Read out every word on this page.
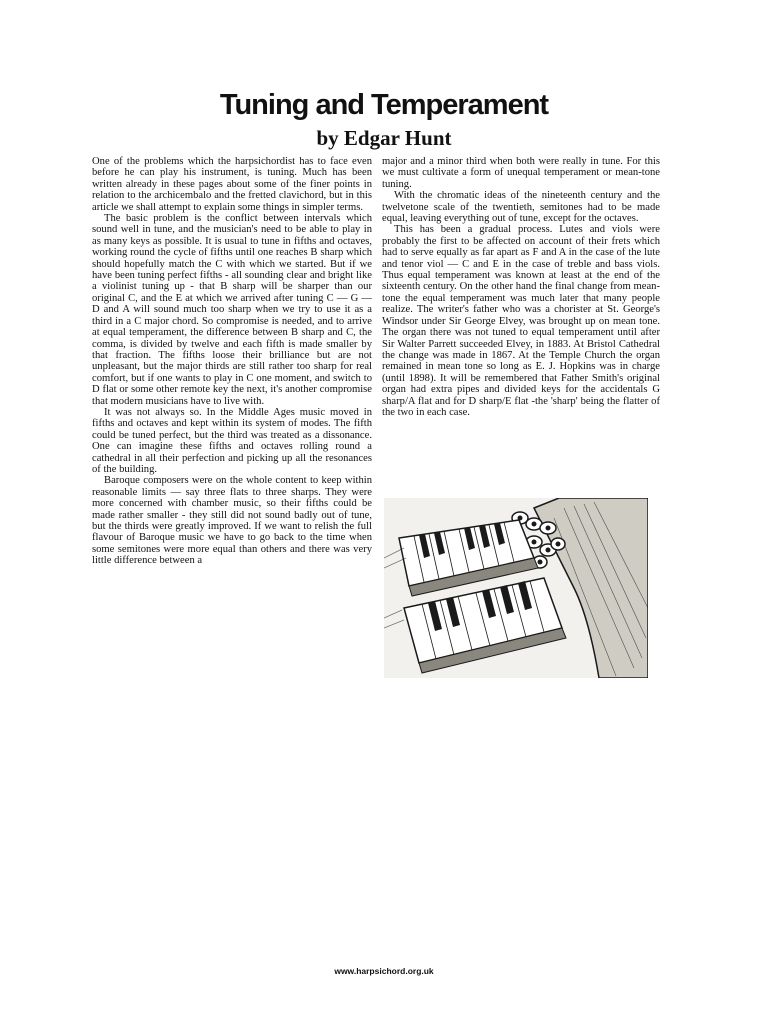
Tuning and Temperament
by Edgar Hunt

One of the problems which the harpsichordist has to face even before he can play his instrument, is tuning. Much has been written already in these pages about some of the finer points in relation to the archicembalo and the fretted clavichord, but in this article we shall attempt to explain some things in simpler terms.

The basic problem is the conflict between intervals which sound well in tune, and the musician's need to be able to play in as many keys as possible. It is usual to tune in fifths and octaves, working round the cycle of fifths until one reaches B sharp which should hopefully match the C with which we started. But if we have been tuning perfect fifths - all sounding clear and bright like a violinist tuning up - that B sharp will be sharper than our original C, and the E at which we arrived after tuning C — G — D and A will sound much too sharp when we try to use it as a third in a C major chord. So compromise is needed, and to arrive at equal temperament, the difference between B sharp and C, the comma, is divided by twelve and each fifth is made smaller by that fraction. The fifths loose their brilliance but are not unpleasant, but the major thirds are still rather too sharp for real comfort, but if one wants to play in C one moment, and switch to D flat or some other remote key the next, it's another compromise that modern musicians have to live with.

It was not always so. In the Middle Ages music moved in fifths and octaves and kept within its system of modes. The fifth could be tuned perfect, but the third was treated as a dissonance. One can imagine these fifths and octaves rolling round a cathedral in all their perfection and picking up all the resonances of the building.

Baroque composers were on the whole content to keep within reasonable limits — say three flats to three sharps. They were more concerned with chamber music, so their fifths could be made rather smaller - they still did not sound badly out of tune, but the thirds were greatly improved. If we want to relish the full flavour of Baroque music we have to go back to the time when some semitones were more equal than others and there was very little difference between a

major and a minor third when both were really in tune. For this we must cultivate a form of unequal temperament or mean-tone tuning.

With the chromatic ideas of the nineteenth century and the twelvetone scale of the twentieth, semitones had to be made equal, leaving everything out of tune, except for the octaves.

This has been a gradual process. Lutes and viols were probably the first to be affected on account of their frets which had to serve equally as far apart as F and A in the case of the lute and tenor viol — C and E in the case of treble and bass viols. Thus equal temperament was known at least at the end of the sixteenth century. On the other hand the final change from mean-tone the equal temperament was much later that many people realize. The writer's father who was a chorister at St. George's Windsor under Sir George Elvey, was brought up on mean tone. The organ there was not tuned to equal temperament until after Sir Walter Parrett succeeded Elvey, in 1883. At Bristol Cathedral the change was made in 1867. At the Temple Church the organ remained in mean tone so long as E. J. Hopkins was in charge (until 1898). It will be remembered that Father Smith's original organ had extra pipes and divided keys for the accidentals G sharp/A flat and for D sharp/E flat -the 'sharp' being the flatter of the two in each case.

www.harpsichord.org.uk
